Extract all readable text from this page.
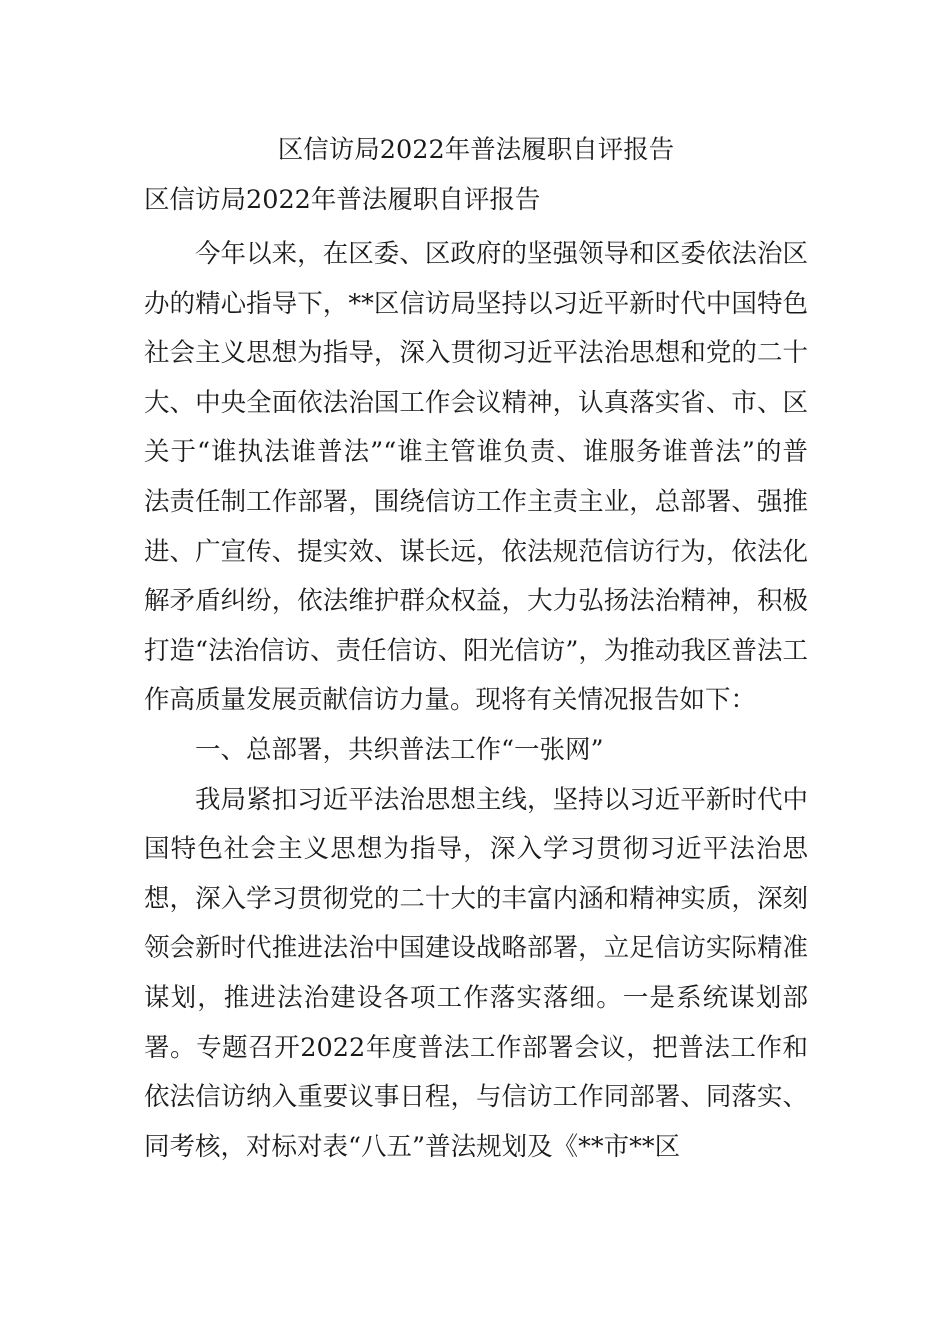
区信访局2022年普法履职自评报告
区信访局2022年普法履职自评报告

今年以来，在区委、区政府的坚强领导和区委依法治区办的精心指导下，**区信访局坚持以习近平新时代中国特色社会主义思想为指导，深入贯彻习近平法治思想和党的二十大、中央全面依法治国工作会议精神，认真落实省、市、区关于“谁执法谁普法”“谁主管谁负责、谁服务谁普法”的普法责任制工作部署，围绕信访工作主责主业，总部署、强推进、广宣传、提实效、谋长远，依法规范信访行为，依法化解矛盾纠纷，依法维护群众权益，大力弘扬法治精神，积极打造“法治信访、责任信访、阳光信访”，为推动我区普法工作高质量发展贡献信访力量。现将有关情况报告如下：

一、总部署，共织普法工作“一张网”

我局紧扣习近平法治思想主线，坚持以习近平新时代中国特色社会主义思想为指导，深入学习贯彻习近平法治思想，深入学习贯彻党的二十大的丰富内涵和精神实质，深刻领会新时代推进法治中国建设战略部署，立足信访实际精准谋划，推进法治建设各项工作落实落细。一是系统谋划部署。专题召开2022年度普法工作部署会议，把普法工作和依法信访纳入重要议事日程，与信访工作同部署、同落实、同考核，对标对表“八五”普法规划及《**市**区
